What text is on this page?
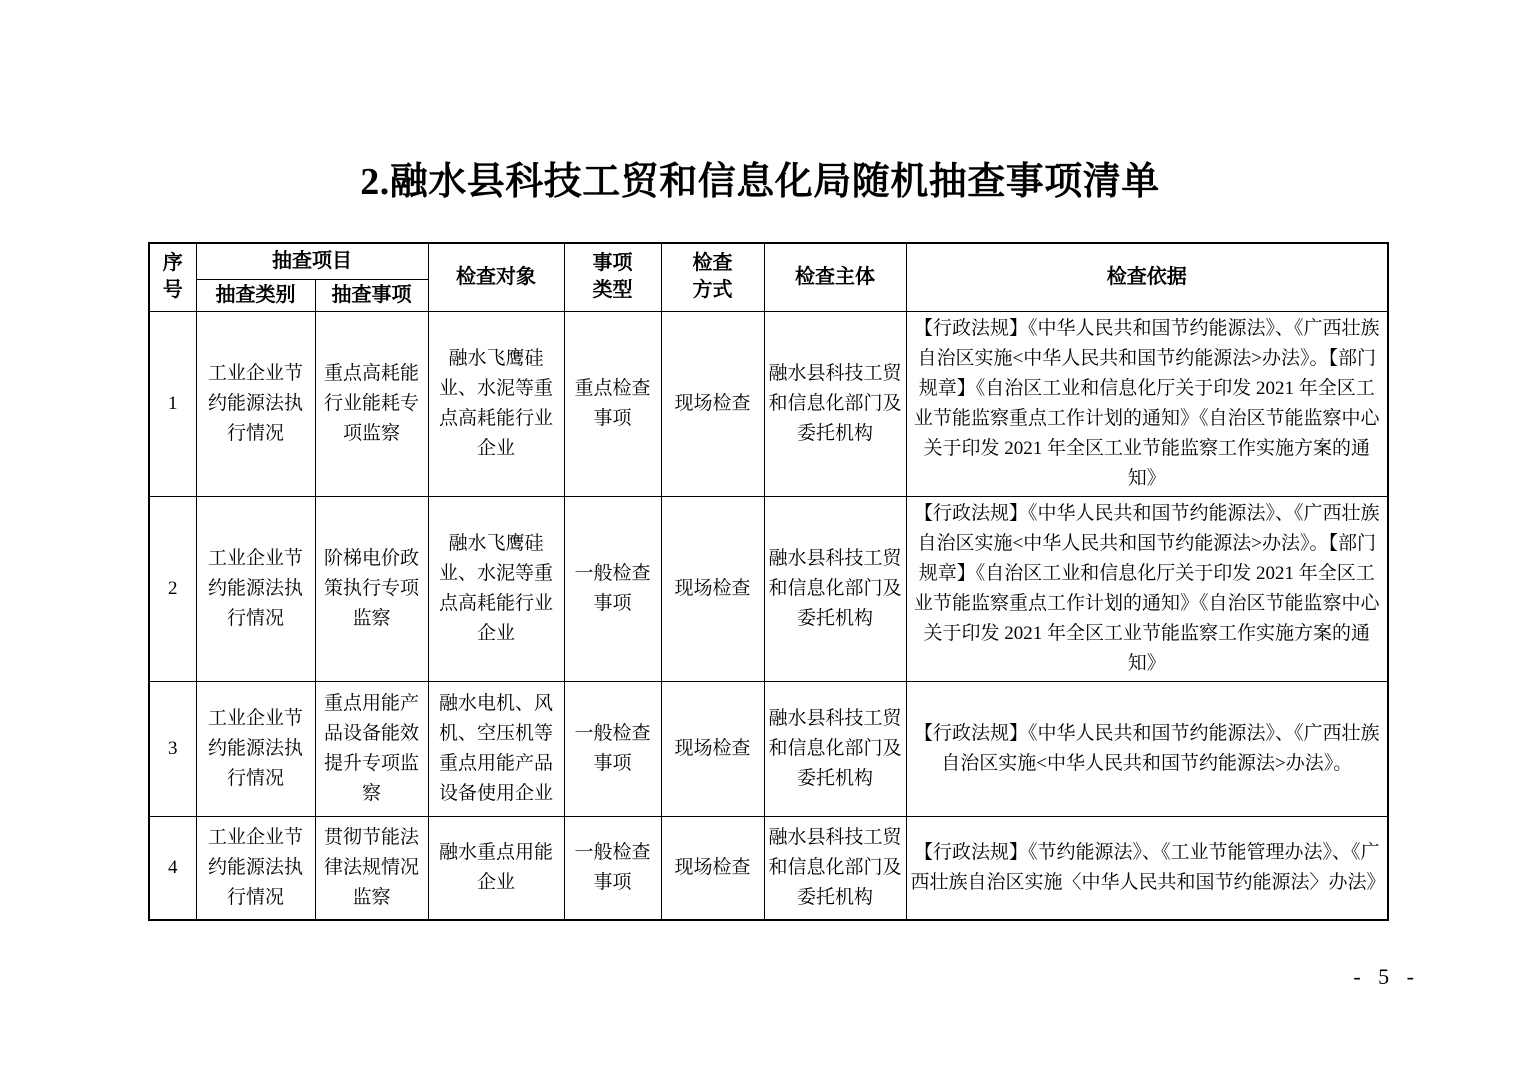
2.融水县科技工贸和信息化局随机抽查事项清单
序号	抽查项目		检查对象	事项类型	检查方式	检查主体	检查依据
	抽查类别	抽查事项					
1	工业企业节约能源法执行情况	重点高耗能行业能耗专项监察	融水飞鹰硅业、水泥等重点高耗能行业企业	重点检查事项	现场检查	融水县科技工贸和信息化部门及委托机构	【行政法规】《中华人民共和国节约能源法》、《广西壮族自治区实施<中华人民共和国节约能源法>办法》。【部门规章】《自治区工业和信息化厅关于印发 2021 年全区工业节能监察重点工作计划的通知》《自治区节能监察中心关于印发 2021 年全区工业节能监察工作实施方案的通知》
2	工业企业节约能源法执行情况	阶梯电价政策执行专项监察	融水飞鹰硅业、水泥等重点高耗能行业企业	一般检查事项	现场检查	融水县科技工贸和信息化部门及委托机构	【行政法规】《中华人民共和国节约能源法》、《广西壮族自治区实施<中华人民共和国节约能源法>办法》。【部门规章】《自治区工业和信息化厅关于印发 2021 年全区工业节能监察重点工作计划的通知》《自治区节能监察中心关于印发 2021 年全区工业节能监察工作实施方案的通知》
3	工业企业节约能源法执行情况	重点用能产品设备能效提升专项监察	融水电机、风机、空压机等重点用能产品设备使用企业	一般检查事项	现场检查	融水县科技工贸和信息化部门及委托机构	【行政法规】《中华人民共和国节约能源法》、《广西壮族自治区实施<中华人民共和国节约能源法>办法》。
4	工业企业节约能源法执行情况	贯彻节能法律法规情况监察	融水重点用能企业	一般检查事项	现场检查	融水县科技工贸和信息化部门及委托机构	【行政法规】《节约能源法》、《工业节能管理办法》、《广西壮族自治区实施〈中华人民共和国节约能源法〉办法》
- 5 -
